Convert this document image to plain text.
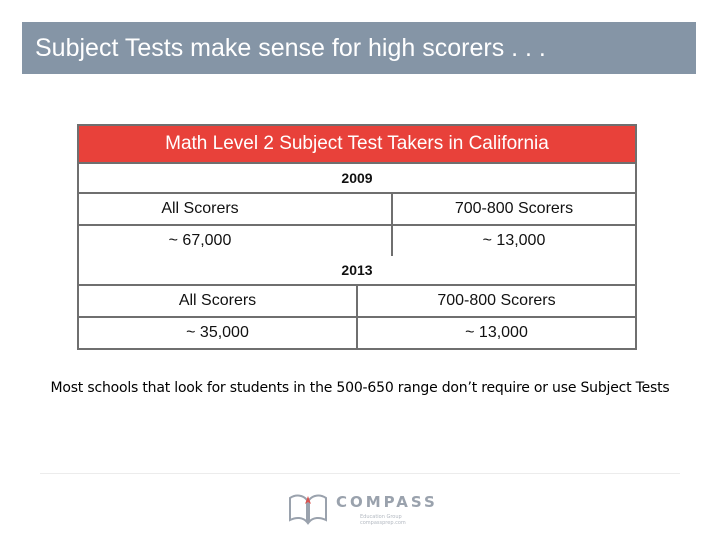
Subject Tests make sense for high scorers . . .
Math Level 2 Subject Test Takers in California
2009
All Scorers	700-800 Scorers
~ 67,000	~ 13,000
2013
All Scorers	700-800 Scorers
~ 35,000	~ 13,000
Most schools that look for students in the 500-650 range don’t require or use Subject Tests
COMPASS
Education Group
compassprep.com
